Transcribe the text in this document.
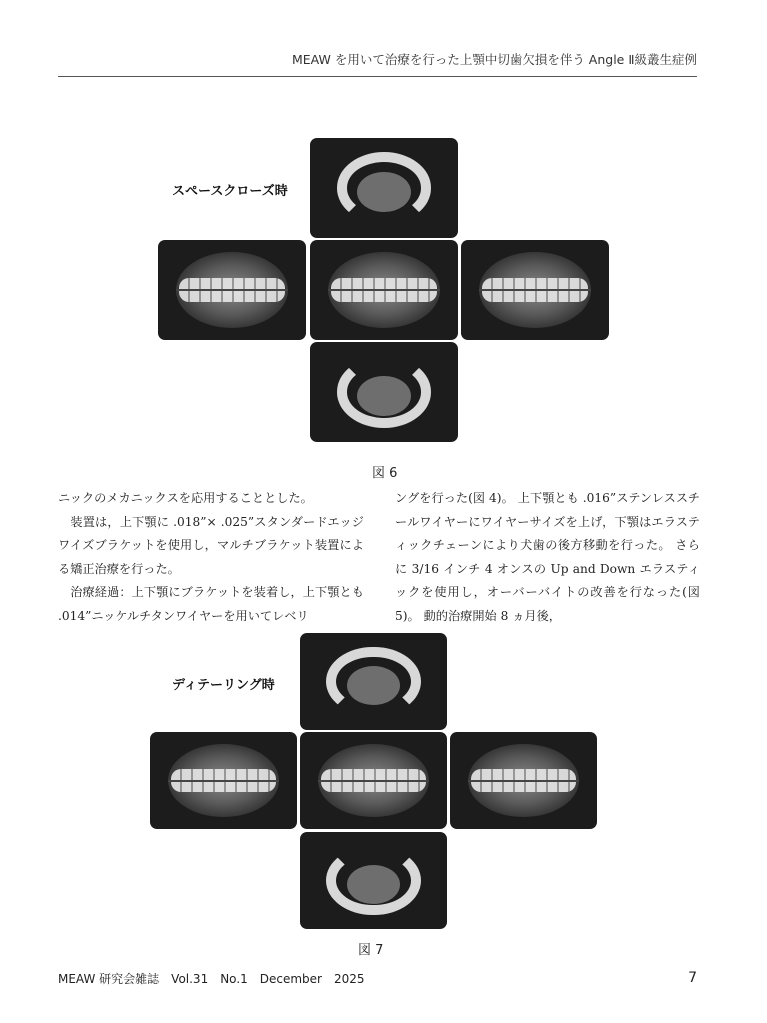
MEAW を用いて治療を行った上顎中切歯欠損を伴う Angle Ⅱ級叢生症例
スペースクローズ時
図 6

ニックのメカニックスを応用することとした。

　装置は，上下顎に .018”× .025”スタンダードエッジワイズブラケットを使用し，マルチブラケット装置による矯正治療を行った。

　治療経過：上下顎にブラケットを装着し，上下顎とも .014”ニッケルチタンワイヤーを用いてレベリ

ングを行った(図 4)。 上下顎とも .016”ステンレススチールワイヤーにワイヤーサイズを上げ，下顎はエラスティックチェーンにより犬歯の後方移動を行った。 さらに 3/16 インチ 4 オンスの Up and Down エラスティックを使用し，オーバーバイトの改善を行なった(図 5)。 動的治療開始 8 ヵ月後，

ディテーリング時
図 7
MEAW 研究会雑誌　Vol.31　No.1　December　2025	7
